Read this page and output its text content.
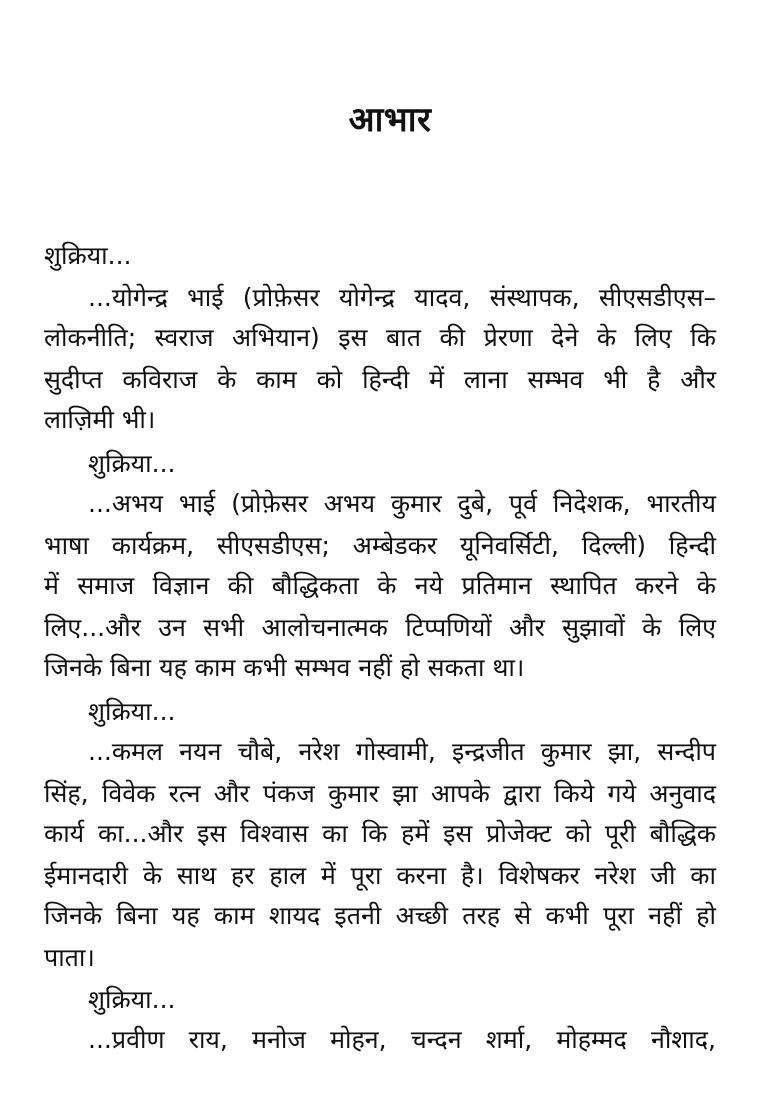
आभार
शुक्रिया...
...योगेन्द्र भाई (प्रोफ़ेसर योगेन्द्र यादव, संस्थापक, सीएसडीएस–
लोकनीति; स्वराज अभियान) इस बात की प्रेरणा देने के लिए कि
सुदीप्त कविराज के काम को हिन्दी में लाना सम्भव भी है और
लाज़िमी भी।
शुक्रिया...
...अभय भाई (प्रोफ़ेसर अभय कुमार दुबे, पूर्व निदेशक, भारतीय
भाषा कार्यक्रम, सीएसडीएस; अम्बेडकर यूनिवर्सिटी, दिल्ली) हिन्दी
में समाज विज्ञान की बौद्धिकता के नये प्रतिमान स्थापित करने के
लिए...और उन सभी आलोचनात्मक टिप्पणियों और सुझावों के लिए
जिनके बिना यह काम कभी सम्भव नहीं हो सकता था।
शुक्रिया...
...कमल नयन चौबे, नरेश गोस्वामी, इन्द्रजीत कुमार झा, सन्दीप
सिंह, विवेक रत्न और पंकज कुमार झा आपके द्वारा किये गये अनुवाद
कार्य का...और इस विश्वास का कि हमें इस प्रोजेक्ट को पूरी बौद्धिक
ईमानदारी के साथ हर हाल में पूरा करना है। विशेषकर नरेश जी का
जिनके बिना यह काम शायद इतनी अच्छी तरह से कभी पूरा नहीं हो
पाता।
शुक्रिया...
...प्रवीण राय, मनोज मोहन, चन्दन शर्मा, मोहम्मद नौशाद,
